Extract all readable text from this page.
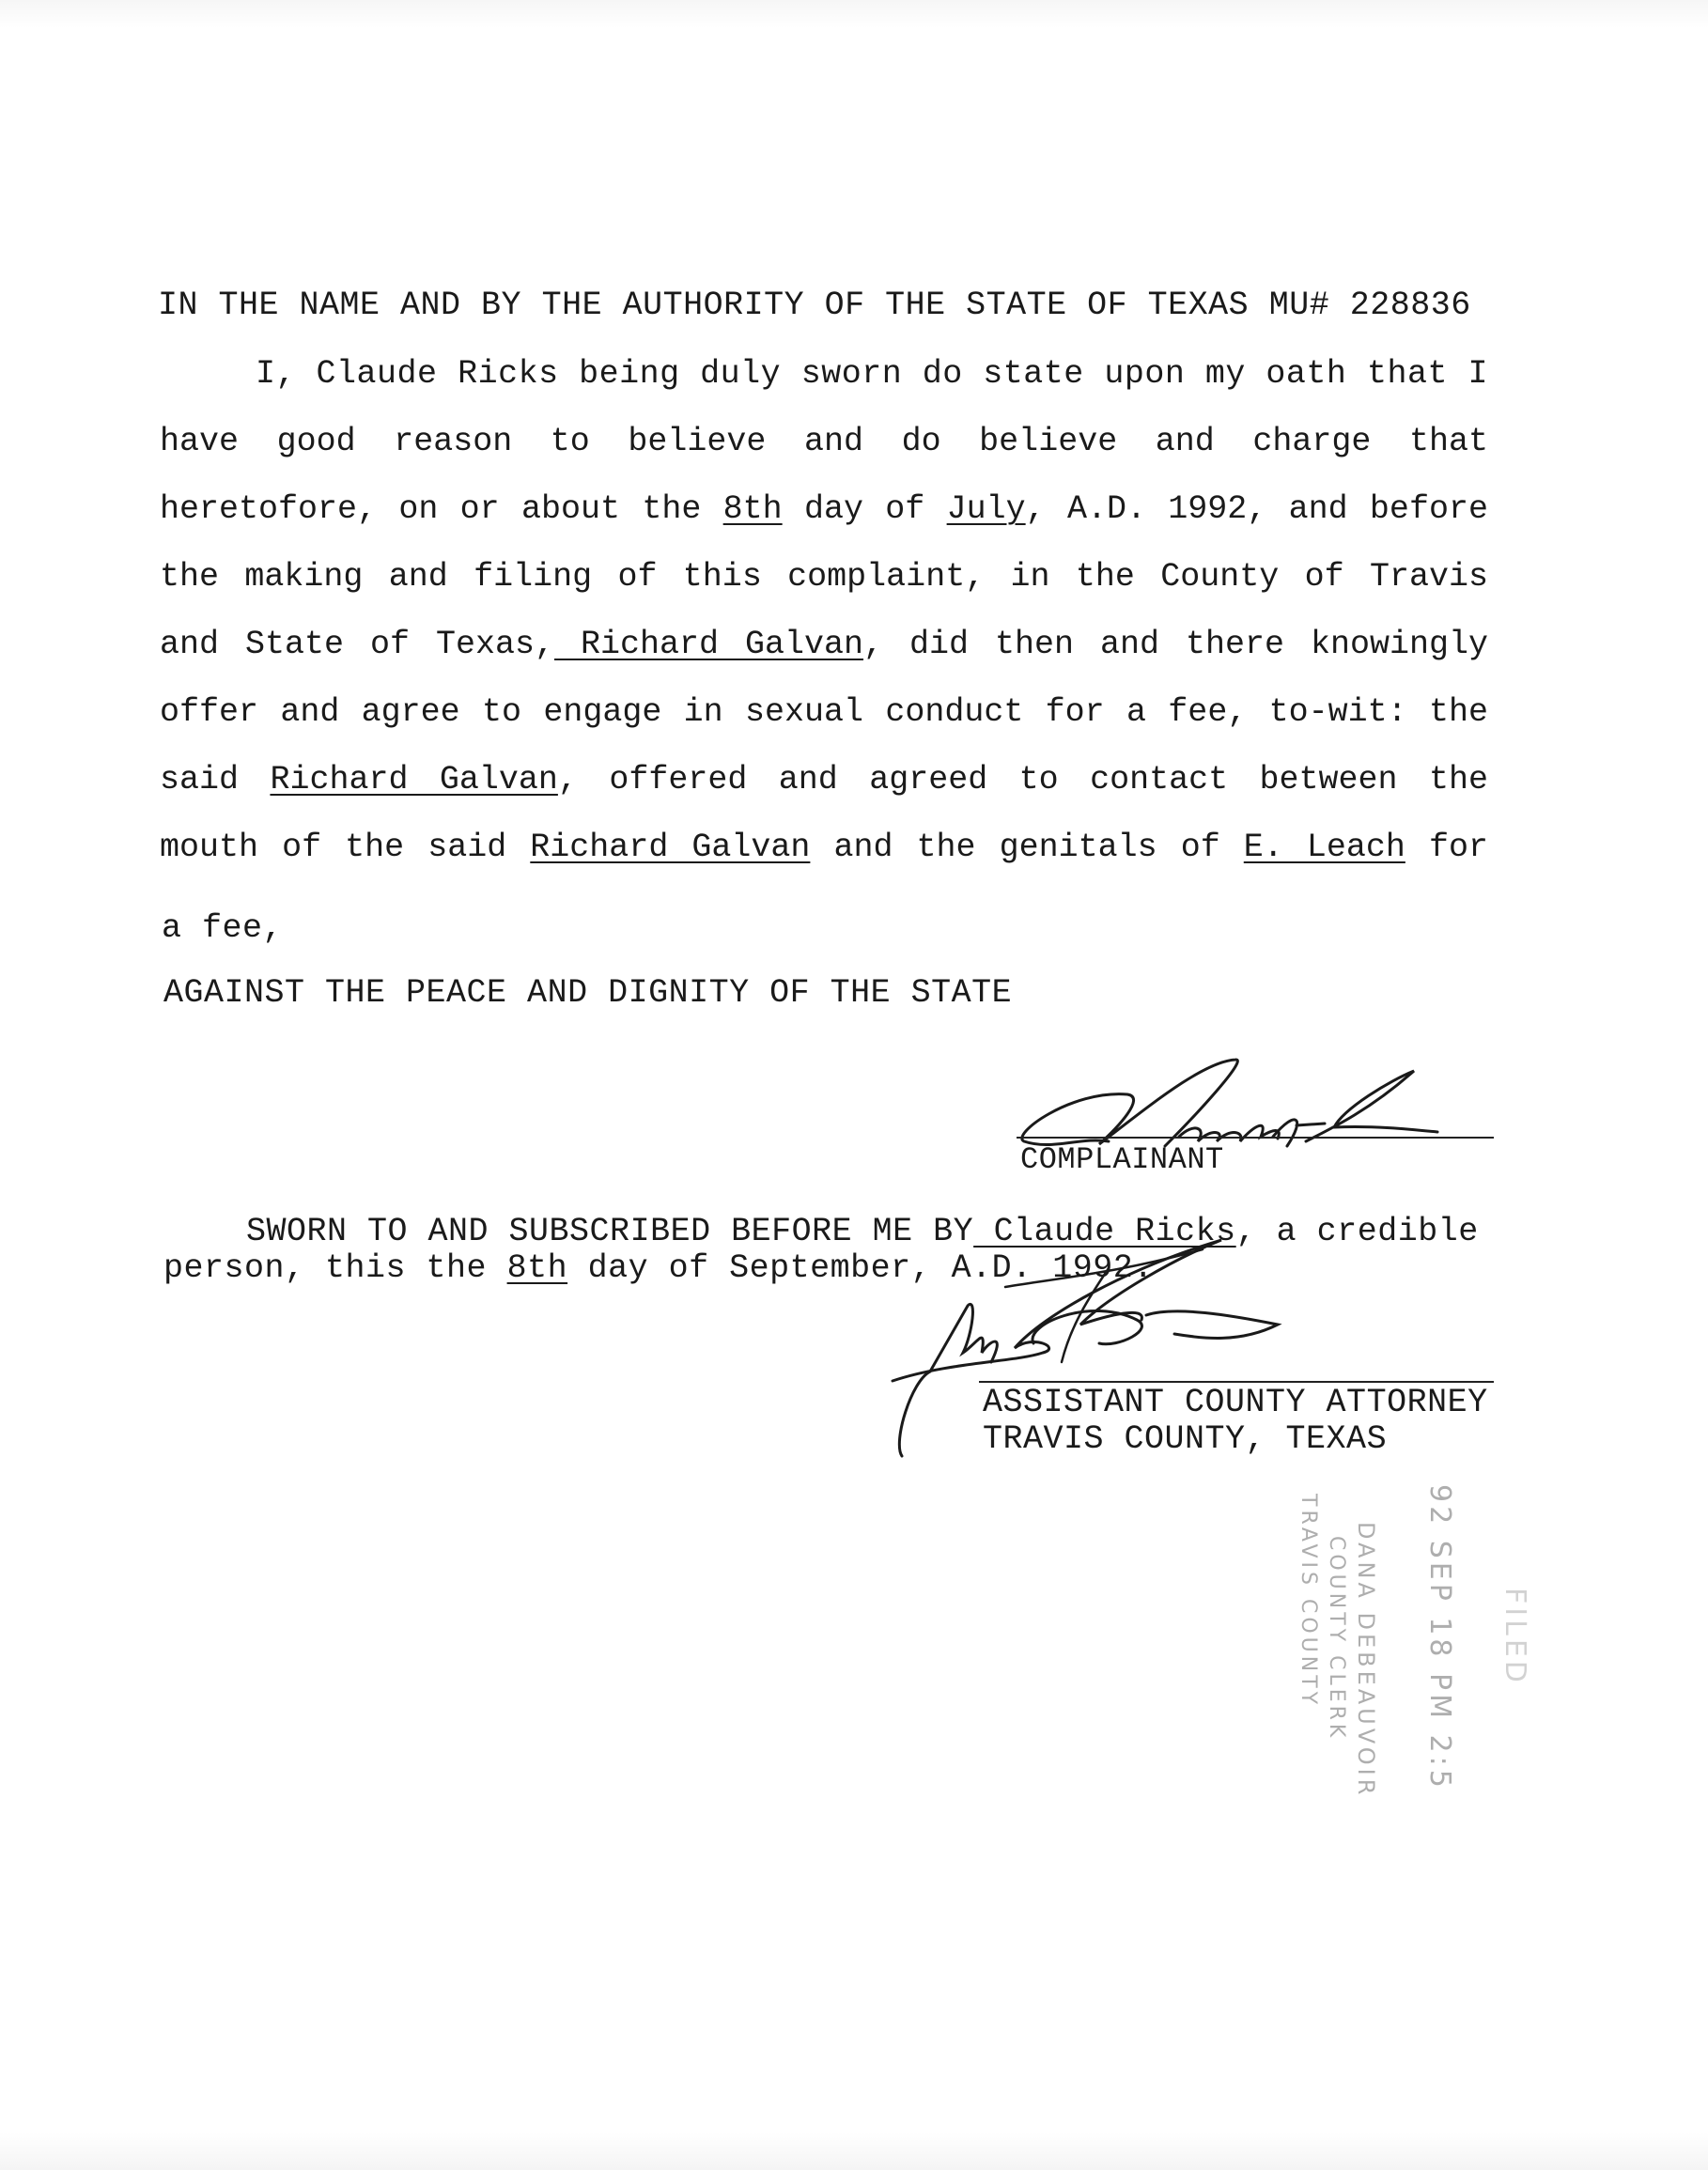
IN THE NAME AND BY THE AUTHORITY OF THE STATE OF TEXAS MU# 228836
I, Claude Ricks being duly sworn do state upon my oath that I
have good reason to believe and do believe and charge that
heretofore, on or about the 8th day of July, A.D. 1992, and before
the making and filing of this complaint, in the County of Travis
and State of Texas, Richard Galvan, did then and there knowingly
offer and agree to engage in sexual conduct for a fee, to-wit: the
said Richard Galvan, offered and agreed to contact between the
mouth of the said Richard Galvan and the genitals of E. Leach for
a fee,
AGAINST THE PEACE AND DIGNITY OF THE STATE
COMPLAINANT
SWORN TO AND SUBSCRIBED BEFORE ME BY Claude Ricks, a credible
person, this the 8th day of September, A.D. 1992.
ASSISTANT COUNTY ATTORNEY
TRAVIS COUNTY, TEXAS
FILED
92 SEP 18 PM 2:5
DANA DEBEAUVOIR
COUNTY CLERK
TRAVIS COUNTY
